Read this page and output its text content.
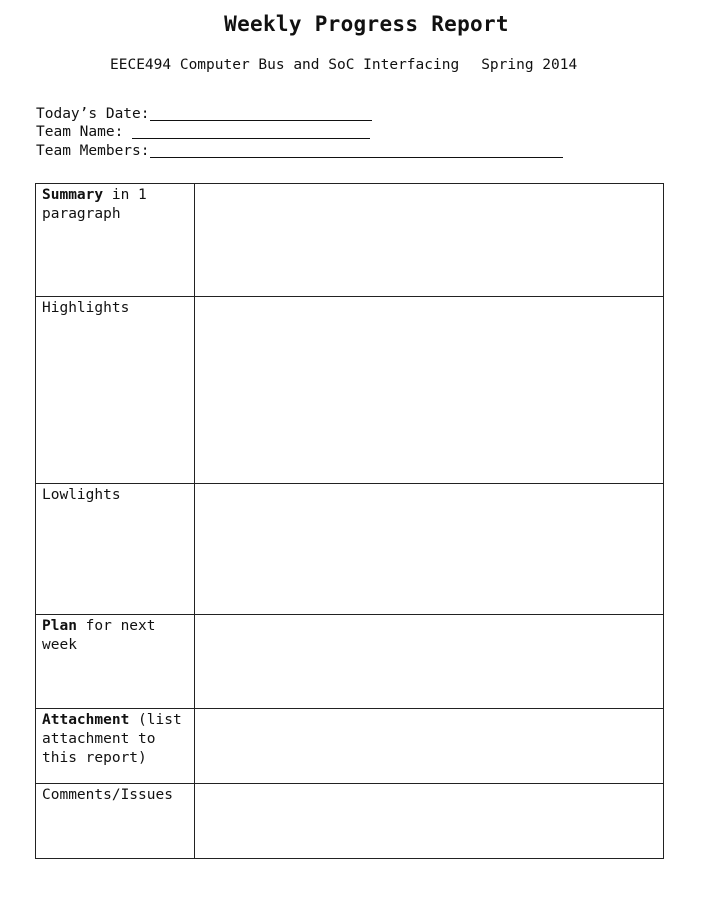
Weekly Progress Report
EECE494 Computer Bus and SoC Interfacing Spring 2014
Today’s Date:
Team Name:
Team Members:
Summary in 1 paragraph	
Highlights	
Lowlights	
Plan for next week	
Attachment (list attachment to this report)	
Comments/Issues	
